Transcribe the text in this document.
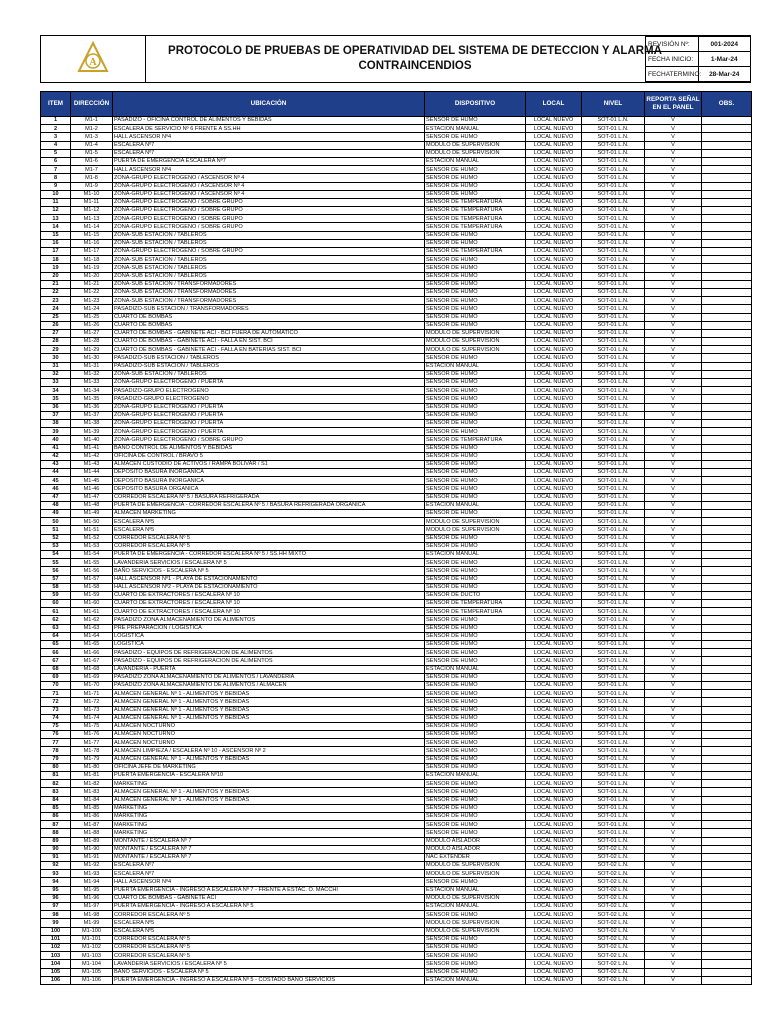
A
PROTOCOLO DE PRUEBAS DE OPERATIVIDAD DEL SISTEMA DE DETECCION Y ALARMA CONTRAINCENDIOS
REVISIÓN Nº:	001-2024
FECHA INICIO:	1-Mar-24
FECHATERMINO:	28-Mar-24
ITEM	DIRECCIÓN	UBICACIÓN	DISPOSITIVO	LOCAL	NIVEL	REPORTA SEÑAL EN EL PANEL	OBS.
1	M1-1	PASADIZO - OFICINA CONTROL DE ALIMENTOS Y BEBIDAS	SENSOR DE HUMO	LOCAL NUEVO	SOT-01 L.N.	V	
2	M1-2	ESCALERA DE SERVICIO Nº 6 FRENTE A SS.HH	ESTACION MANUAL	LOCAL NUEVO	SOT-01 L.N.	V	
3	M1-3	HALL ASCENSOR Nº4	SENSOR DE HUMO	LOCAL NUEVO	SOT-01 L.N.	V	
4	M1-4	ESCALERA Nº7	MODULO DE SUPERVISION	LOCAL NUEVO	SOT-01 L.N.	V	
5	M1-5	ESCALERA Nº7	MODULO DE SUPERVISION	LOCAL NUEVO	SOT-01 L.N.	V	
6	M1-6	PUERTA DE EMERGENCIA ESCALERA Nº7	ESTACION MANUAL	LOCAL NUEVO	SOT-01 L.N.	V	
7	M1-7	HALL ASCENSOR Nº4	SENSOR DE HUMO	LOCAL NUEVO	SOT-01 L.N.	V	
8	M1-8	ZONA-GRUPO ELECTROGENO / ASCENSOR Nº 4	SENSOR DE HUMO	LOCAL NUEVO	SOT-01 L.N.	V	
9	M1-9	ZONA-GRUPO ELECTROGENO / ASCENSOR Nº 4	SENSOR DE HUMO	LOCAL NUEVO	SOT-01 L.N.	V	
10	M1-10	ZONA-GRUPO ELECTROGENO / ASCENSOR Nº 4	SENSOR DE HUMO	LOCAL NUEVO	SOT-01 L.N.	V	
11	M1-11	ZONA-GRUPO ELECTROGENO / SOBRE GRUPO	SENSOR DE TEMPERATURA	LOCAL NUEVO	SOT-01 L.N.	V	
12	M1-12	ZONA-GRUPO ELECTROGENO / SOBRE GRUPO	SENSOR DE TEMPERATURA	LOCAL NUEVO	SOT-01 L.N.	V	
13	M1-13	ZONA-GRUPO ELECTROGENO / SOBRE GRUPO	SENSOR DE TEMPERATURA	LOCAL NUEVO	SOT-01 L.N.	V	
14	M1-14	ZONA-GRUPO ELECTROGENO / SOBRE GRUPO	SENSOR DE TEMPERATURA	LOCAL NUEVO	SOT-01 L.N.	V	
15	M1-15	ZONA-SUB ESTACION / TABLEROS	SENSOR DE HUMO	LOCAL NUEVO	SOT-01 L.N.	V	
16	M1-16	ZONA-SUB ESTACION / TABLEROS	SENSOR DE HUMO	LOCAL NUEVO	SOT-01 L.N.	V	
17	M1-17	ZONA-GRUPO ELECTROGENO / SOBRE GRUPO	SENSOR DE TEMPERATURA	LOCAL NUEVO	SOT-01 L.N.	V	
18	M1-18	ZONA-SUB ESTACION / TABLEROS	SENSOR DE HUMO	LOCAL NUEVO	SOT-01 L.N.	V	
19	M1-19	ZONA-SUB ESTACION / TABLEROS	SENSOR DE HUMO	LOCAL NUEVO	SOT-01 L.N.	V	
20	M1-20	ZONA-SUB ESTACION / TABLEROS	SENSOR DE HUMO	LOCAL NUEVO	SOT-01 L.N.	V	
21	M1-21	ZONA-SUB ESTACION / TRANSFORMADORES	SENSOR DE HUMO	LOCAL NUEVO	SOT-01 L.N.	V	
22	M1-22	ZONA-SUB ESTACION / TRANSFORMADORES	SENSOR DE HUMO	LOCAL NUEVO	SOT-01 L.N.	V	
23	M1-23	ZONA-SUB ESTACION / TRANSFORMADORES	SENSOR DE HUMO	LOCAL NUEVO	SOT-01 L.N.	V	
24	M1-24	PASADIZO-SUB ESTACION / TRANSFORMADORES	SENSOR DE HUMO	LOCAL NUEVO	SOT-01 L.N.	V	
25	M1-25	CUARTO DE BOMBAS	SENSOR DE HUMO	LOCAL NUEVO	SOT-01 L.N.	V	
26	M1-26	CUARTO DE BOMBAS	SENSOR DE HUMO	LOCAL NUEVO	SOT-01 L.N.	V	
27	M1-27	CUARTO DE BOMBAS - GABINETE ACI - BCI FUERA DE AUTOMATICO	MODULO DE SUPERVISION	LOCAL NUEVO	SOT-01 L.N.	V	
28	M1-28	CUARTO DE BOMBAS - GABINETE ACI - FALLA EN SIST. BCI	MODULO DE SUPERVISION	LOCAL NUEVO	SOT-01 L.N.	V	
29	M1-29	CUARTO DE BOMBAS - GABINETE ACI - FALLA EN BATERIAS SIST. BCI	MODULO DE SUPERVISION	LOCAL NUEVO	SOT-01 L.N.	V	
30	M1-30	PASADIZO-SUB ESTACION / TABLEROS	SENSOR DE HUMO	LOCAL NUEVO	SOT-01 L.N.	V	
31	M1-31	PASADIZO-SUB ESTACION / TABLEROS	ESTACION MANUAL	LOCAL NUEVO	SOT-01 L.N.	V	
32	M1-32	ZONA-SUB ESTACION / TABLEROS	SENSOR DE HUMO	LOCAL NUEVO	SOT-01 L.N.	V	
33	M1-33	ZONA-GRUPO ELECTROGENO / PUERTA	SENSOR DE HUMO	LOCAL NUEVO	SOT-01 L.N.	V	
34	M1-34	PASADIZO-GRUPO ELECTROGENO	SENSOR DE HUMO	LOCAL NUEVO	SOT-01 L.N.	V	
35	M1-35	PASADIZO-GRUPO ELECTROGENO	SENSOR DE HUMO	LOCAL NUEVO	SOT-01 L.N.	V	
36	M1-36	ZONA-GRUPO ELECTROGENO / PUERTA	SENSOR DE HUMO	LOCAL NUEVO	SOT-01 L.N.	V	
37	M1-37	ZONA-GRUPO ELECTROGENO / PUERTA	SENSOR DE HUMO	LOCAL NUEVO	SOT-01 L.N.	V	
38	M1-38	ZONA-GRUPO ELECTROGENO / PUERTA	SENSOR DE HUMO	LOCAL NUEVO	SOT-01 L.N.	V	
39	M1-39	ZONA-GRUPO ELECTROGENO / PUERTA	SENSOR DE HUMO	LOCAL NUEVO	SOT-01 L.N.	V	
40	M1-40	ZONA-GRUPO ELECTROGENO / SOBRE GRUPO	SENSOR DE TEMPERATURA	LOCAL NUEVO	SOT-01 L.N.	V	
41	M1-41	BAÑO CONTROL DE ALIMENTOS Y BEBIDAS	SENSOR DE HUMO	LOCAL NUEVO	SOT-01 L.N.	V	
42	M1-42	OFICINA DE CONTROL / BRAVO 5	SENSOR DE HUMO	LOCAL NUEVO	SOT-01 L.N.	V	
43	M1-43	ALMACEN CUSTODIO DE ACTIVOS / RAMPA BOLIVAR / S1	SENSOR DE HUMO	LOCAL NUEVO	SOT-01 L.N.	V	
44	M1-44	DEPOSITO BASURA INORGANICA	SENSOR DE HUMO	LOCAL NUEVO	SOT-01 L.N.	V	
45	M1-45	DEPOSITO BASURA INORGANICA	SENSOR DE HUMO	LOCAL NUEVO	SOT-01 L.N.	V	
46	M1-46	DEPOSITO BASURA ORGANICA	SENSOR DE HUMO	LOCAL NUEVO	SOT-01 L.N.	V	
47	M1-47	CORREDOR ESCALERA Nº 5 / BASURA REFRIGERADA	SENSOR DE HUMO	LOCAL NUEVO	SOT-01 L.N.	V	
48	M1-48	PUERTA DE EMERGENCIA - CORREDOR ESCALERA Nº 5 / BASURA REFRIGERADA ORGANICA	ESTACION MANUAL	LOCAL NUEVO	SOT-01 L.N.	V	
49	M1-49	ALMACEN MARKETING	SENSOR DE HUMO	LOCAL NUEVO	SOT-01 L.N.	V	
50	M1-50	ESCALERA Nº5	MODULO DE SUPERVISION	LOCAL NUEVO	SOT-01 L.N.	V	
51	M1-51	ESCALERA Nº5	MODULO DE SUPERVISION	LOCAL NUEVO	SOT-01 L.N.	V	
52	M1-52	CORREDOR ESCALERA Nº 5	SENSOR DE HUMO	LOCAL NUEVO	SOT-01 L.N.	V	
53	M1-53	CORREDOR ESCALERA Nº 5	SENSOR DE HUMO	LOCAL NUEVO	SOT-01 L.N.	V	
54	M1-54	PUERTA DE EMERGENCIA - CORREDOR ESCALERA Nº 5 / SS.HH MIXTO	ESTACION MANUAL	LOCAL NUEVO	SOT-01 L.N.	V	
55	M1-55	LAVANDERIA SERVICIOS / ESCALERA Nº 5	SENSOR DE HUMO	LOCAL NUEVO	SOT-01 L.N.	V	
56	M1-56	BAÑO SERVICIOS - ESCALERA Nº 5	SENSOR DE HUMO	LOCAL NUEVO	SOT-01 L.N.	V	
57	M1-57	HALL ASCENSOR Nº1 - PLAYA DE ESTACIONAMIENTO	SENSOR DE HUMO	LOCAL NUEVO	SOT-01 L.N.	V	
58	M1-58	HALL ASCENSOR Nº2 - PLAYA DE ESTACIONAMIENTO	SENSOR DE HUMO	LOCAL NUEVO	SOT-01 L.N.	V	
59	M1-59	CUARTO DE EXTRACTORES / ESCALERA Nº 10	SENSOR DE DUCTO	LOCAL NUEVO	SOT-01 L.N.	V	
60	M1-60	CUARTO DE EXTRACTORES / ESCALERA Nº 10	SENSOR DE TEMPERATURA	LOCAL NUEVO	SOT-01 L.N.	V	
61	M1-61	CUARTO DE EXTRACTORES / ESCALERA Nº 10	SENSOR DE TEMPERATURA	LOCAL NUEVO	SOT-01 L.N.	V	
62	M1-62	PASADIZO ZONA ALMACENAMIENTO DE ALIMENTOS	SENSOR DE HUMO	LOCAL NUEVO	SOT-01 L.N.	V	
63	M1-63	PRE PREPARACION / LOGISTICA	SENSOR DE HUMO	LOCAL NUEVO	SOT-01 L.N.	V	
64	M1-64	LOGISTICA	SENSOR DE HUMO	LOCAL NUEVO	SOT-01 L.N.	V	
65	M1-65	LOGISTICA	SENSOR DE HUMO	LOCAL NUEVO	SOT-01 L.N.	V	
66	M1-66	PASADIZO - EQUIPOS DE REFRIGERACION DE ALIMENTOS	SENSOR DE HUMO	LOCAL NUEVO	SOT-01 L.N.	V	
67	M1-67	PASADIZO - EQUIPOS DE REFRIGERACION DE ALIMENTOS	SENSOR DE HUMO	LOCAL NUEVO	SOT-01 L.N.	V	
68	M1-68	LAVANDERIA - PUERTA	ESTACION MANUAL	LOCAL NUEVO	SOT-01 L.N.	V	
69	M1-69	PASADIZO ZONA ALMACENAMIENTO DE ALIMENTOS / LAVANDERIA	SENSOR DE HUMO	LOCAL NUEVO	SOT-01 L.N.	V	
70	M1-70	PASADIZO ZONA ALMACENAMIENTO DE ALIMENTOS / ALMACEN	SENSOR DE HUMO	LOCAL NUEVO	SOT-01 L.N.	V	
71	M1-71	ALMACEN GENERAL Nº 1 - ALIMENTOS Y BEBIDAS	SENSOR DE HUMO	LOCAL NUEVO	SOT-01 L.N.	V	
72	M1-72	ALMACEN GENERAL Nº 1 - ALIMENTOS Y BEBIDAS	SENSOR DE HUMO	LOCAL NUEVO	SOT-01 L.N.	V	
73	M1-73	ALMACEN GENERAL Nº 1 - ALIMENTOS Y BEBIDAS	SENSOR DE HUMO	LOCAL NUEVO	SOT-01 L.N.	V	
74	M1-74	ALMACEN GENERAL Nº 1 - ALIMENTOS Y BEBIDAS	SENSOR DE HUMO	LOCAL NUEVO	SOT-01 L.N.	V	
75	M1-75	ALMACEN NOCTURNO	SENSOR DE HUMO	LOCAL NUEVO	SOT-01 L.N.	V	
76	M1-76	ALMACEN NOCTURNO	SENSOR DE HUMO	LOCAL NUEVO	SOT-01 L.N.	V	
77	M1-77	ALMACEN NOCTURNO	SENSOR DE HUMO	LOCAL NUEVO	SOT-01 L.N.	V	
78	M1-78	ALMACEN LIMPIEZA / ESCALERA Nº 10 - ASCENSOR Nº 2	SENSOR DE HUMO	LOCAL NUEVO	SOT-01 L.N.	V	
79	M1-79	ALMACEN GENERAL Nº 1 - ALIMENTOS Y BEBIDAS	SENSOR DE HUMO	LOCAL NUEVO	SOT-01 L.N.	V	
80	M1-80	OFICINA JEFE DE MARKETING	SENSOR DE HUMO	LOCAL NUEVO	SOT-01 L.N.	V	
81	M1-81	PUERTA EMERGENCIA - ESCALERA Nº10	ESTACION MANUAL	LOCAL NUEVO	SOT-01 L.N.	V	
82	M1-82	MARKETING	SENSOR DE HUMO	LOCAL NUEVO	SOT-01 L.N.	V	
83	M1-83	ALMACEN GENERAL Nº 1 - ALIMENTOS Y BEBIDAS	SENSOR DE HUMO	LOCAL NUEVO	SOT-01 L.N.	V	
84	M1-84	ALMACEN GENERAL Nº 1 - ALIMENTOS Y BEBIDAS	SENSOR DE HUMO	LOCAL NUEVO	SOT-01 L.N.	V	
85	M1-85	MARKETING	SENSOR DE HUMO	LOCAL NUEVO	SOT-01 L.N.	V	
86	M1-86	MARKETING	SENSOR DE HUMO	LOCAL NUEVO	SOT-01 L.N.	V	
87	M1-87	MARKETING	SENSOR DE HUMO	LOCAL NUEVO	SOT-01 L.N.	V	
88	M1-88	MARKETING	SENSOR DE HUMO	LOCAL NUEVO	SOT-01 L.N.	V	
89	M1-89	MONTANTE / ESCALERA Nº 7	MODULO AISLADOR	LOCAL NUEVO	SOT-01 L.N.	V	
90	M1-90	MONTANTE / ESCALERA Nº 7	MODULO AISLADOR	LOCAL NUEVO	SOT-02 L.N.	V	
91	M1-91	MONTANTE / ESCALERA Nº 7	NAC EXTENDER	LOCAL NUEVO	SOT-02 L.N.	V	
92	M1-92	ESCALERA Nº7	MODULO DE SUPERVISION	LOCAL NUEVO	SOT-02 L.N.	V	
93	M1-93	ESCALERA Nº7	MODULO DE SUPERVISION	LOCAL NUEVO	SOT-02 L.N.	V	
94	M1-94	HALL ASCENSOR Nº4	SENSOR DE HUMO	LOCAL NUEVO	SOT-02 L.N.	V	
95	M1-95	PUERTA EMERGENCIA - INGRESO A ESCALERA Nº 7 - FRENTE A ESTAC. O. MACCHI	ESTACION MANUAL	LOCAL NUEVO	SOT-02 L.N.	V	
96	M1-96	CUARTO DE BOMBAS - GABINETE ACI	MODULO DE SUPERVISION	LOCAL NUEVO	SOT-02 L.N.	V	
97	M1-97	PUERTA EMERGENCIA - INGRESO A ESCALERA Nº 5	ESTACION MANUAL	LOCAL NUEVO	SOT-02 L.N.	V	
98	M1-98	CORREDOR ESCALERA Nº 5	SENSOR DE HUMO	LOCAL NUEVO	SOT-02 L.N.	V	
99	M1-99	ESCALERA Nº5	MODULO DE SUPERVISION	LOCAL NUEVO	SOT-02 L.N.	V	
100	M1-100	ESCALERA Nº5	MODULO DE SUPERVISION	LOCAL NUEVO	SOT-02 L.N.	V	
101	M1-101	CORREDOR ESCALERA Nº 5	SENSOR DE HUMO	LOCAL NUEVO	SOT-02 L.N.	V	
102	M1-102	CORREDOR ESCALERA Nº 5	SENSOR DE HUMO	LOCAL NUEVO	SOT-02 L.N.	V	
103	M1-103	CORREDOR ESCALERA Nº 5	SENSOR DE HUMO	LOCAL NUEVO	SOT-02 L.N.	V	
104	M1-104	LAVANDERIA SERVICIOS / ESCALERA Nº 5	SENSOR DE HUMO	LOCAL NUEVO	SOT-02 L.N.	V	
105	M1-105	BAÑO SERVICIOS - ESCALERA Nº 5	SENSOR DE HUMO	LOCAL NUEVO	SOT-02 L.N.	V	
106	M1-106	PUERTA EMERGENCIA - INGRESO A ESCALERA Nº 5 - COSTADO BAÑO SERVICIOS	ESTACION MANUAL	LOCAL NUEVO	SOT-02 L.N.	V	
